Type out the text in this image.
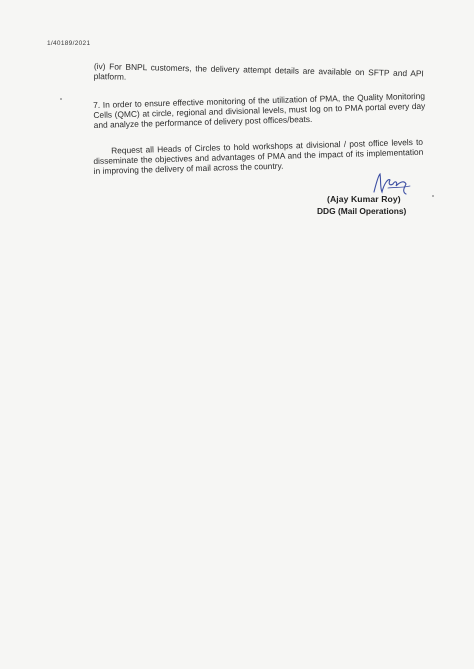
1/40189/2021
(iv) For BNPL customers, the delivery attempt details are available on SFTP and API platform.
7. In order to ensure effective monitoring of the utilization of PMA, the Quality Monitoring Cells (QMC) at circle, regional and divisional levels, must log on to PMA portal every day and analyze the performance of delivery post offices/beats.
Request all Heads of Circles to hold workshops at divisional / post office levels to disseminate the objectives and advantages of PMA and the impact of its implementation in improving the delivery of mail across the country.
(Ajay Kumar Roy)
DDG (Mail Operations)
